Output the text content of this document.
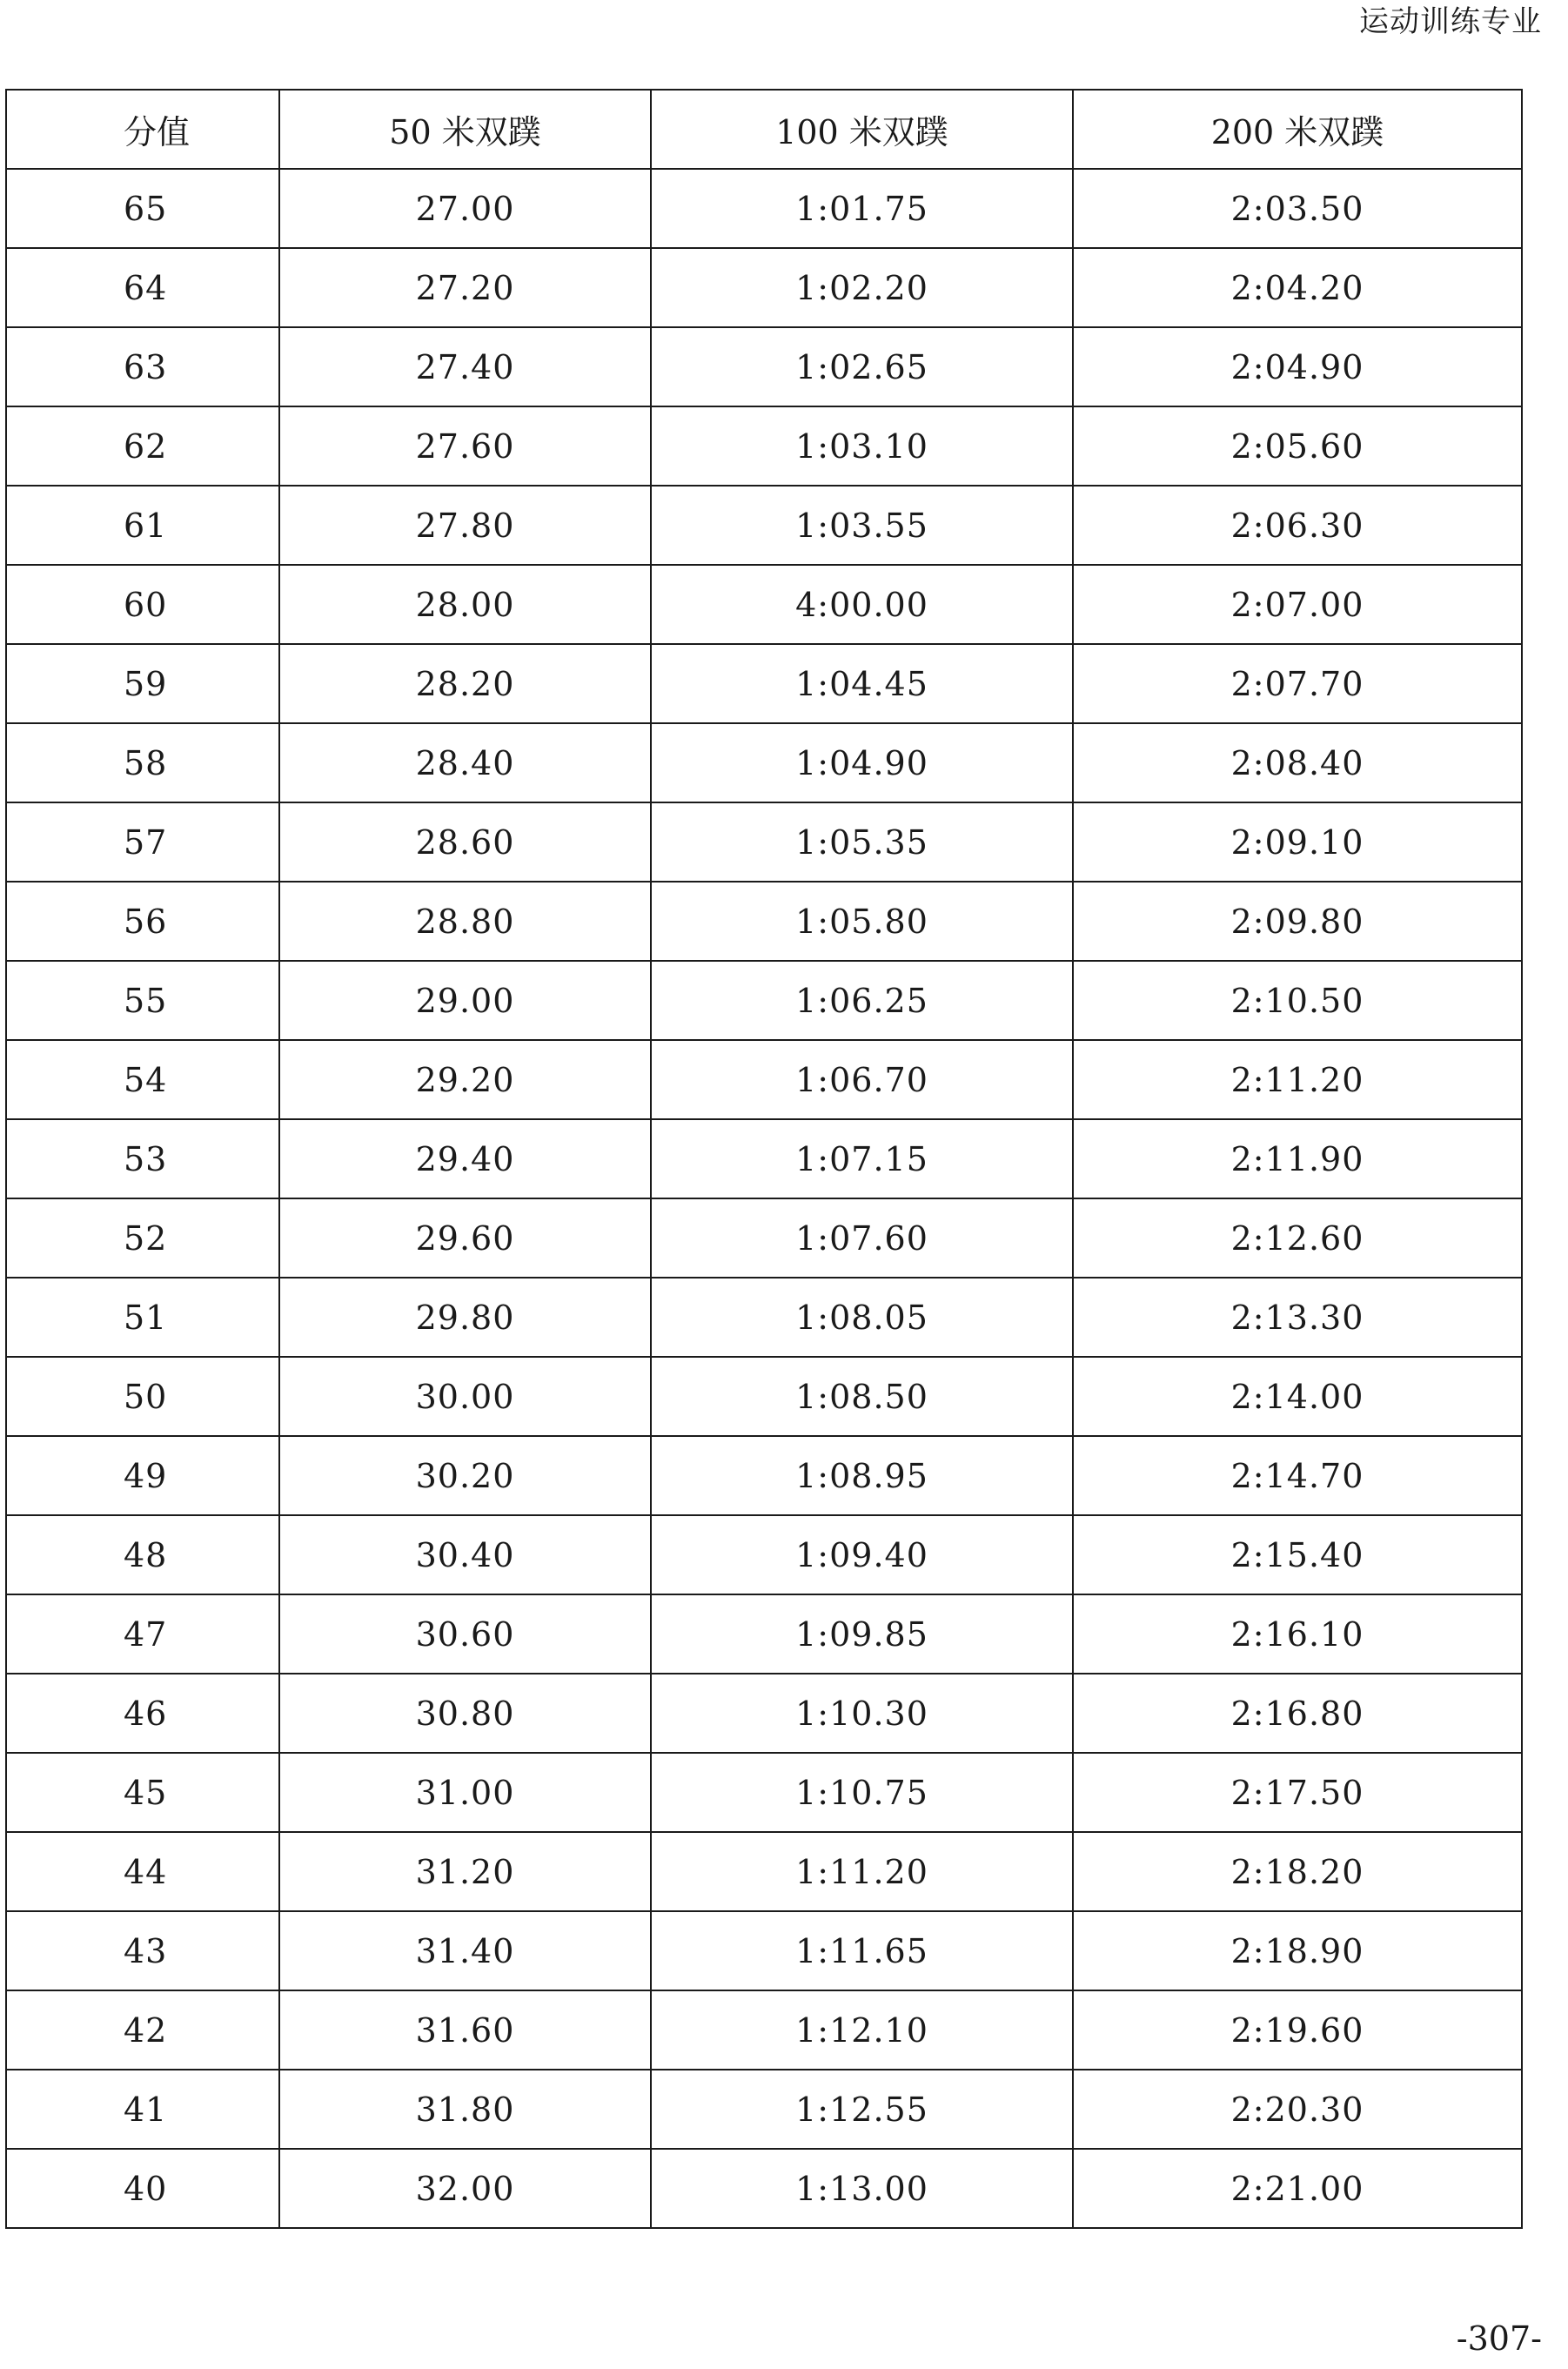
运动训练专业
分值	50 米双蹼	100 米双蹼	200 米双蹼
65	27.00	1:01.75	2:03.50
64	27.20	1:02.20	2:04.20
63	27.40	1:02.65	2:04.90
62	27.60	1:03.10	2:05.60
61	27.80	1:03.55	2:06.30
60	28.00	4:00.00	2:07.00
59	28.20	1:04.45	2:07.70
58	28.40	1:04.90	2:08.40
57	28.60	1:05.35	2:09.10
56	28.80	1:05.80	2:09.80
55	29.00	1:06.25	2:10.50
54	29.20	1:06.70	2:11.20
53	29.40	1:07.15	2:11.90
52	29.60	1:07.60	2:12.60
51	29.80	1:08.05	2:13.30
50	30.00	1:08.50	2:14.00
49	30.20	1:08.95	2:14.70
48	30.40	1:09.40	2:15.40
47	30.60	1:09.85	2:16.10
46	30.80	1:10.30	2:16.80
45	31.00	1:10.75	2:17.50
44	31.20	1:11.20	2:18.20
43	31.40	1:11.65	2:18.90
42	31.60	1:12.10	2:19.60
41	31.80	1:12.55	2:20.30
40	32.00	1:13.00	2:21.00
-307-
